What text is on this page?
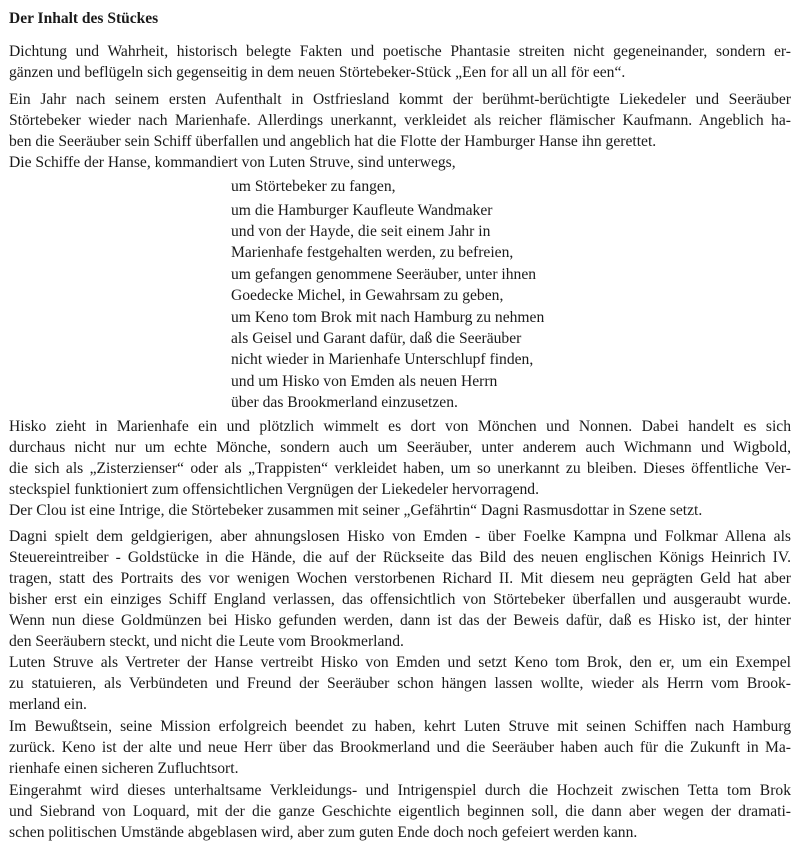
Der Inhalt des Stückes

Dichtung und Wahrheit, historisch belegte Fakten und poetische Phantasie streiten nicht gegeneinander, sondern er-
gänzen und beflügeln sich gegenseitig in dem neuen Störtebeker-Stück „Een for all un all för een“.

Ein Jahr nach seinem ersten Aufenthalt in Ostfriesland kommt der berühmt-berüchtigte Liekedeler und Seeräuber
Störtebeker wieder nach Marienhafe. Allerdings unerkannt, verkleidet als reicher flämischer Kaufmann. Angeblich ha-
ben die Seeräuber sein Schiff überfallen und angeblich hat die Flotte der Hamburger Hanse ihn gerettet.

Die Schiffe der Hanse, kommandiert von Luten Struve, sind unterwegs,

um Störtebeker zu fangen,

um die Hamburger Kaufleute Wandmaker
und von der Hayde, die seit einem Jahr in
Marienhafe festgehalten werden, zu befreien,

um gefangen genommene Seeräuber, unter ihnen
Goedecke Michel, in Gewahrsam zu geben,

um Keno tom Brok mit nach Hamburg zu nehmen
als Geisel und Garant dafür, daß die Seeräuber
nicht wieder in Marienhafe Unterschlupf finden,

und um Hisko von Emden als neuen Herrn
über das Brookmerland einzusetzen.

Hisko zieht in Marienhafe ein und plötzlich wimmelt es dort von Mönchen und Nonnen. Dabei handelt es sich
durchaus nicht nur um echte Mönche, sondern auch um Seeräuber, unter anderem auch Wichmann und Wigbold,
die sich als „Zisterzienser“ oder als „Trappisten“ verkleidet haben, um so unerkannt zu bleiben. Dieses öffentliche Ver-
steckspiel funktioniert zum offensichtlichen Vergnügen der Liekedeler hervorragend.

Der Clou ist eine Intrige, die Störtebeker zusammen mit seiner „Gefährtin“ Dagni Rasmusdottar in Szene setzt.

Dagni spielt dem geldgierigen, aber ahnungslosen Hisko von Emden - über Foelke Kampna und Folkmar Allena als
Steuereintreiber - Goldstücke in die Hände, die auf der Rückseite das Bild des neuen englischen Königs Heinrich IV.
tragen, statt des Portraits des vor wenigen Wochen verstorbenen Richard II. Mit diesem neu geprägten Geld hat aber
bisher erst ein einziges Schiff England verlassen, das offensichtlich von Störtebeker überfallen und ausgeraubt wurde.
Wenn nun diese Goldmünzen bei Hisko gefunden werden, dann ist das der Beweis dafür, daß es Hisko ist, der hinter
den Seeräubern steckt, und nicht die Leute vom Brookmerland.

Luten Struve als Vertreter der Hanse vertreibt Hisko von Emden und setzt Keno tom Brok, den er, um ein Exempel
zu statuieren, als Verbündeten und Freund der Seeräuber schon hängen lassen wollte, wieder als Herrn vom Brook-
merland ein.

Im Bewußtsein, seine Mission erfolgreich beendet zu haben, kehrt Luten Struve mit seinen Schiffen nach Hamburg
zurück. Keno ist der alte und neue Herr über das Brookmerland und die Seeräuber haben auch für die Zukunft in Ma-
rienhafe einen sicheren Zufluchtsort.

Eingerahmt wird dieses unterhaltsame Verkleidungs- und Intrigenspiel durch die Hochzeit zwischen Tetta tom Brok
und Siebrand von Loquard, mit der die ganze Geschichte eigentlich beginnen soll, die dann aber wegen der dramati-
schen politischen Umstände abgeblasen wird, aber zum guten Ende doch noch gefeiert werden kann.
